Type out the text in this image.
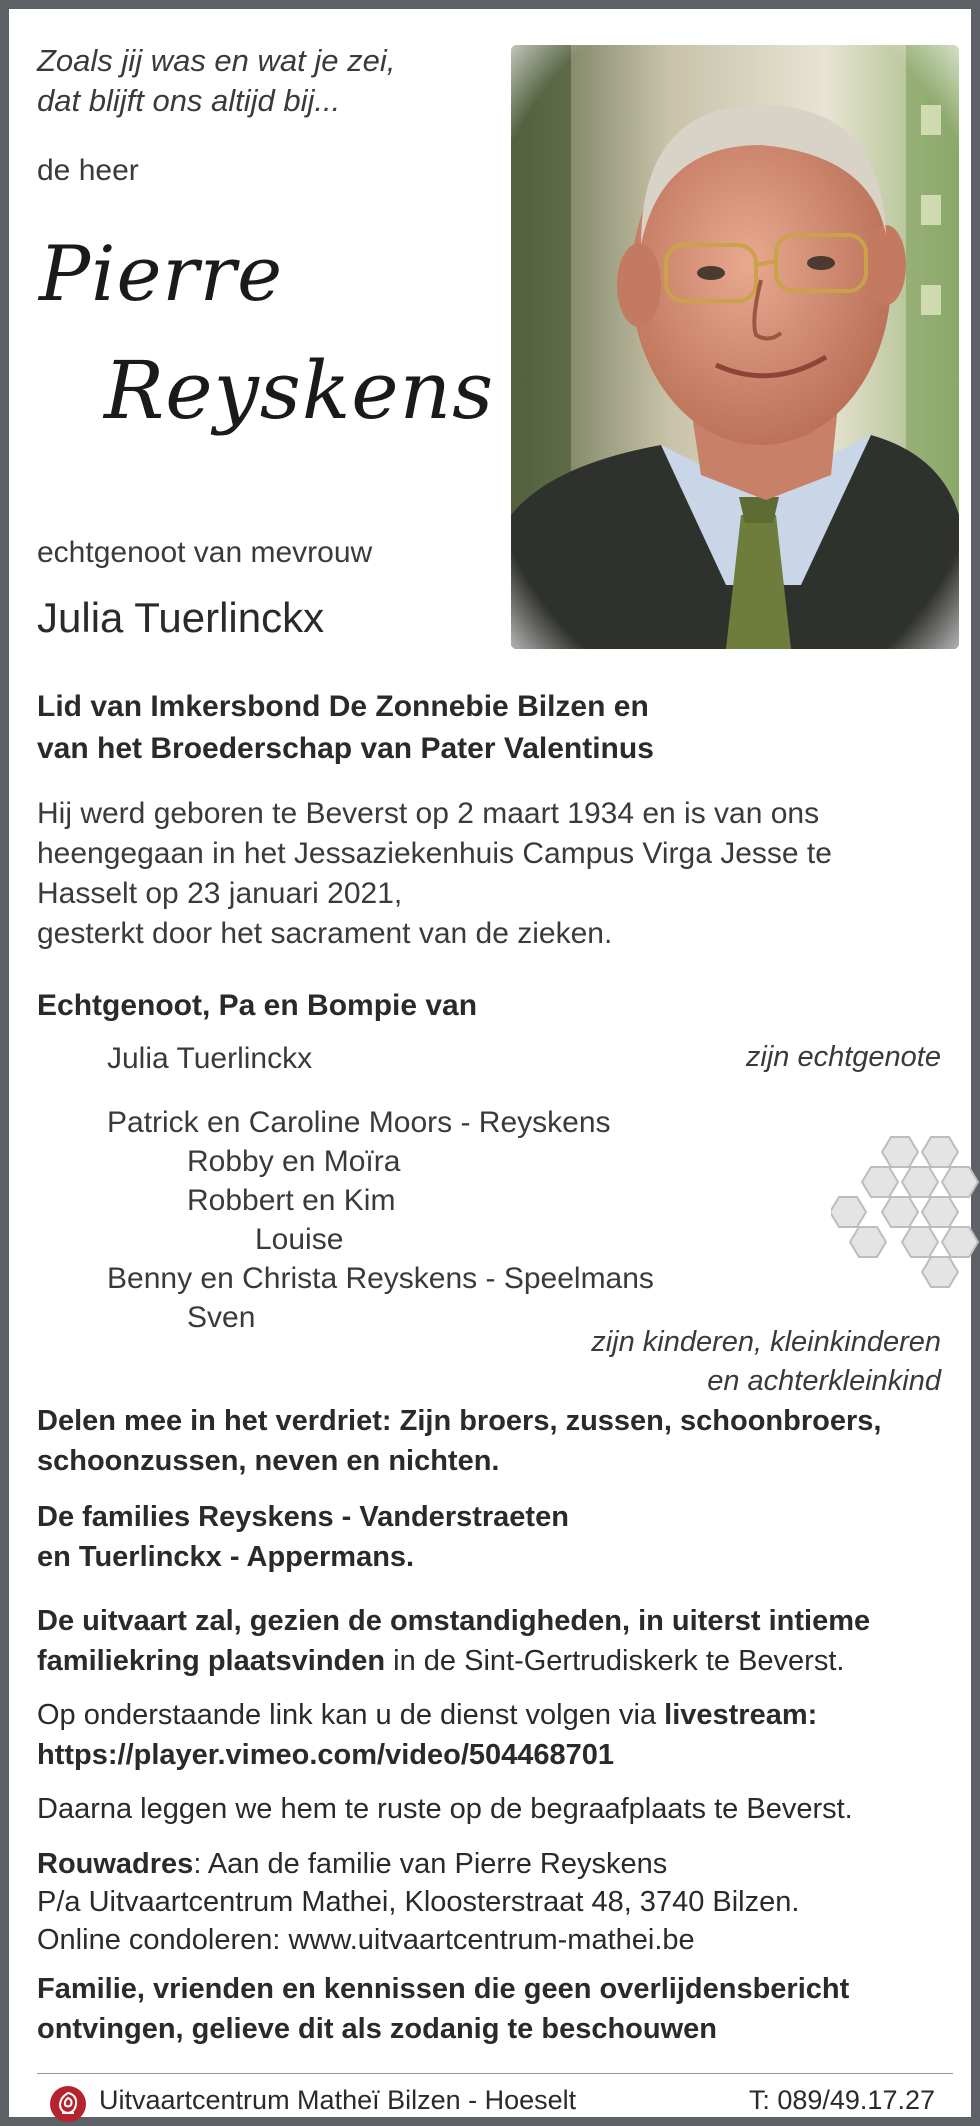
Zoals jij was en wat je zei,
dat blijft ons altijd bij...
de heer
Pierre
Reyskens
echtgenoot van mevrouw
Julia Tuerlinckx
Lid van Imkersbond De Zonnebie Bilzen en
van het Broederschap van Pater Valentinus
Hij werd geboren te Beverst op 2 maart 1934 en is van ons
heengegaan in het Jessaziekenhuis Campus Virga Jesse te
Hasselt op 23 januari 2021,
gesterkt door het sacrament van de zieken.
Echtgenoot, Pa en Bompie van
Julia Tuerlinckx	zijn echtgenote
Patrick en Caroline Moors - Reyskens
Robby en Moïra
Robbert en Kim
Louise
Benny en Christa Reyskens - Speelmans
Sven
zijn kinderen, kleinkinderen
en achterkleinkind
Delen mee in het verdriet: Zijn broers, zussen, schoonbroers,
schoonzussen, neven en nichten.
De families Reyskens - Vanderstraeten
en Tuerlinckx - Appermans.
De uitvaart zal, gezien de omstandigheden, in uiterst intieme
familiekring plaatsvinden in de Sint-Gertrudiskerk te Beverst.
Op onderstaande link kan u de dienst volgen via livestream:
https://player.vimeo.com/video/504468701
Daarna leggen we hem te ruste op de begraafplaats te Beverst.
Rouwadres: Aan de familie van Pierre Reyskens
P/a Uitvaartcentrum Mathei, Kloosterstraat 48, 3740 Bilzen.
Online condoleren: www.uitvaartcentrum-mathei.be
Familie, vrienden en kennissen die geen overlijdensbericht
ontvingen, gelieve dit als zodanig te beschouwen
Uitvaartcentrum Matheï Bilzen - Hoeselt	T: 089/49.17.27
